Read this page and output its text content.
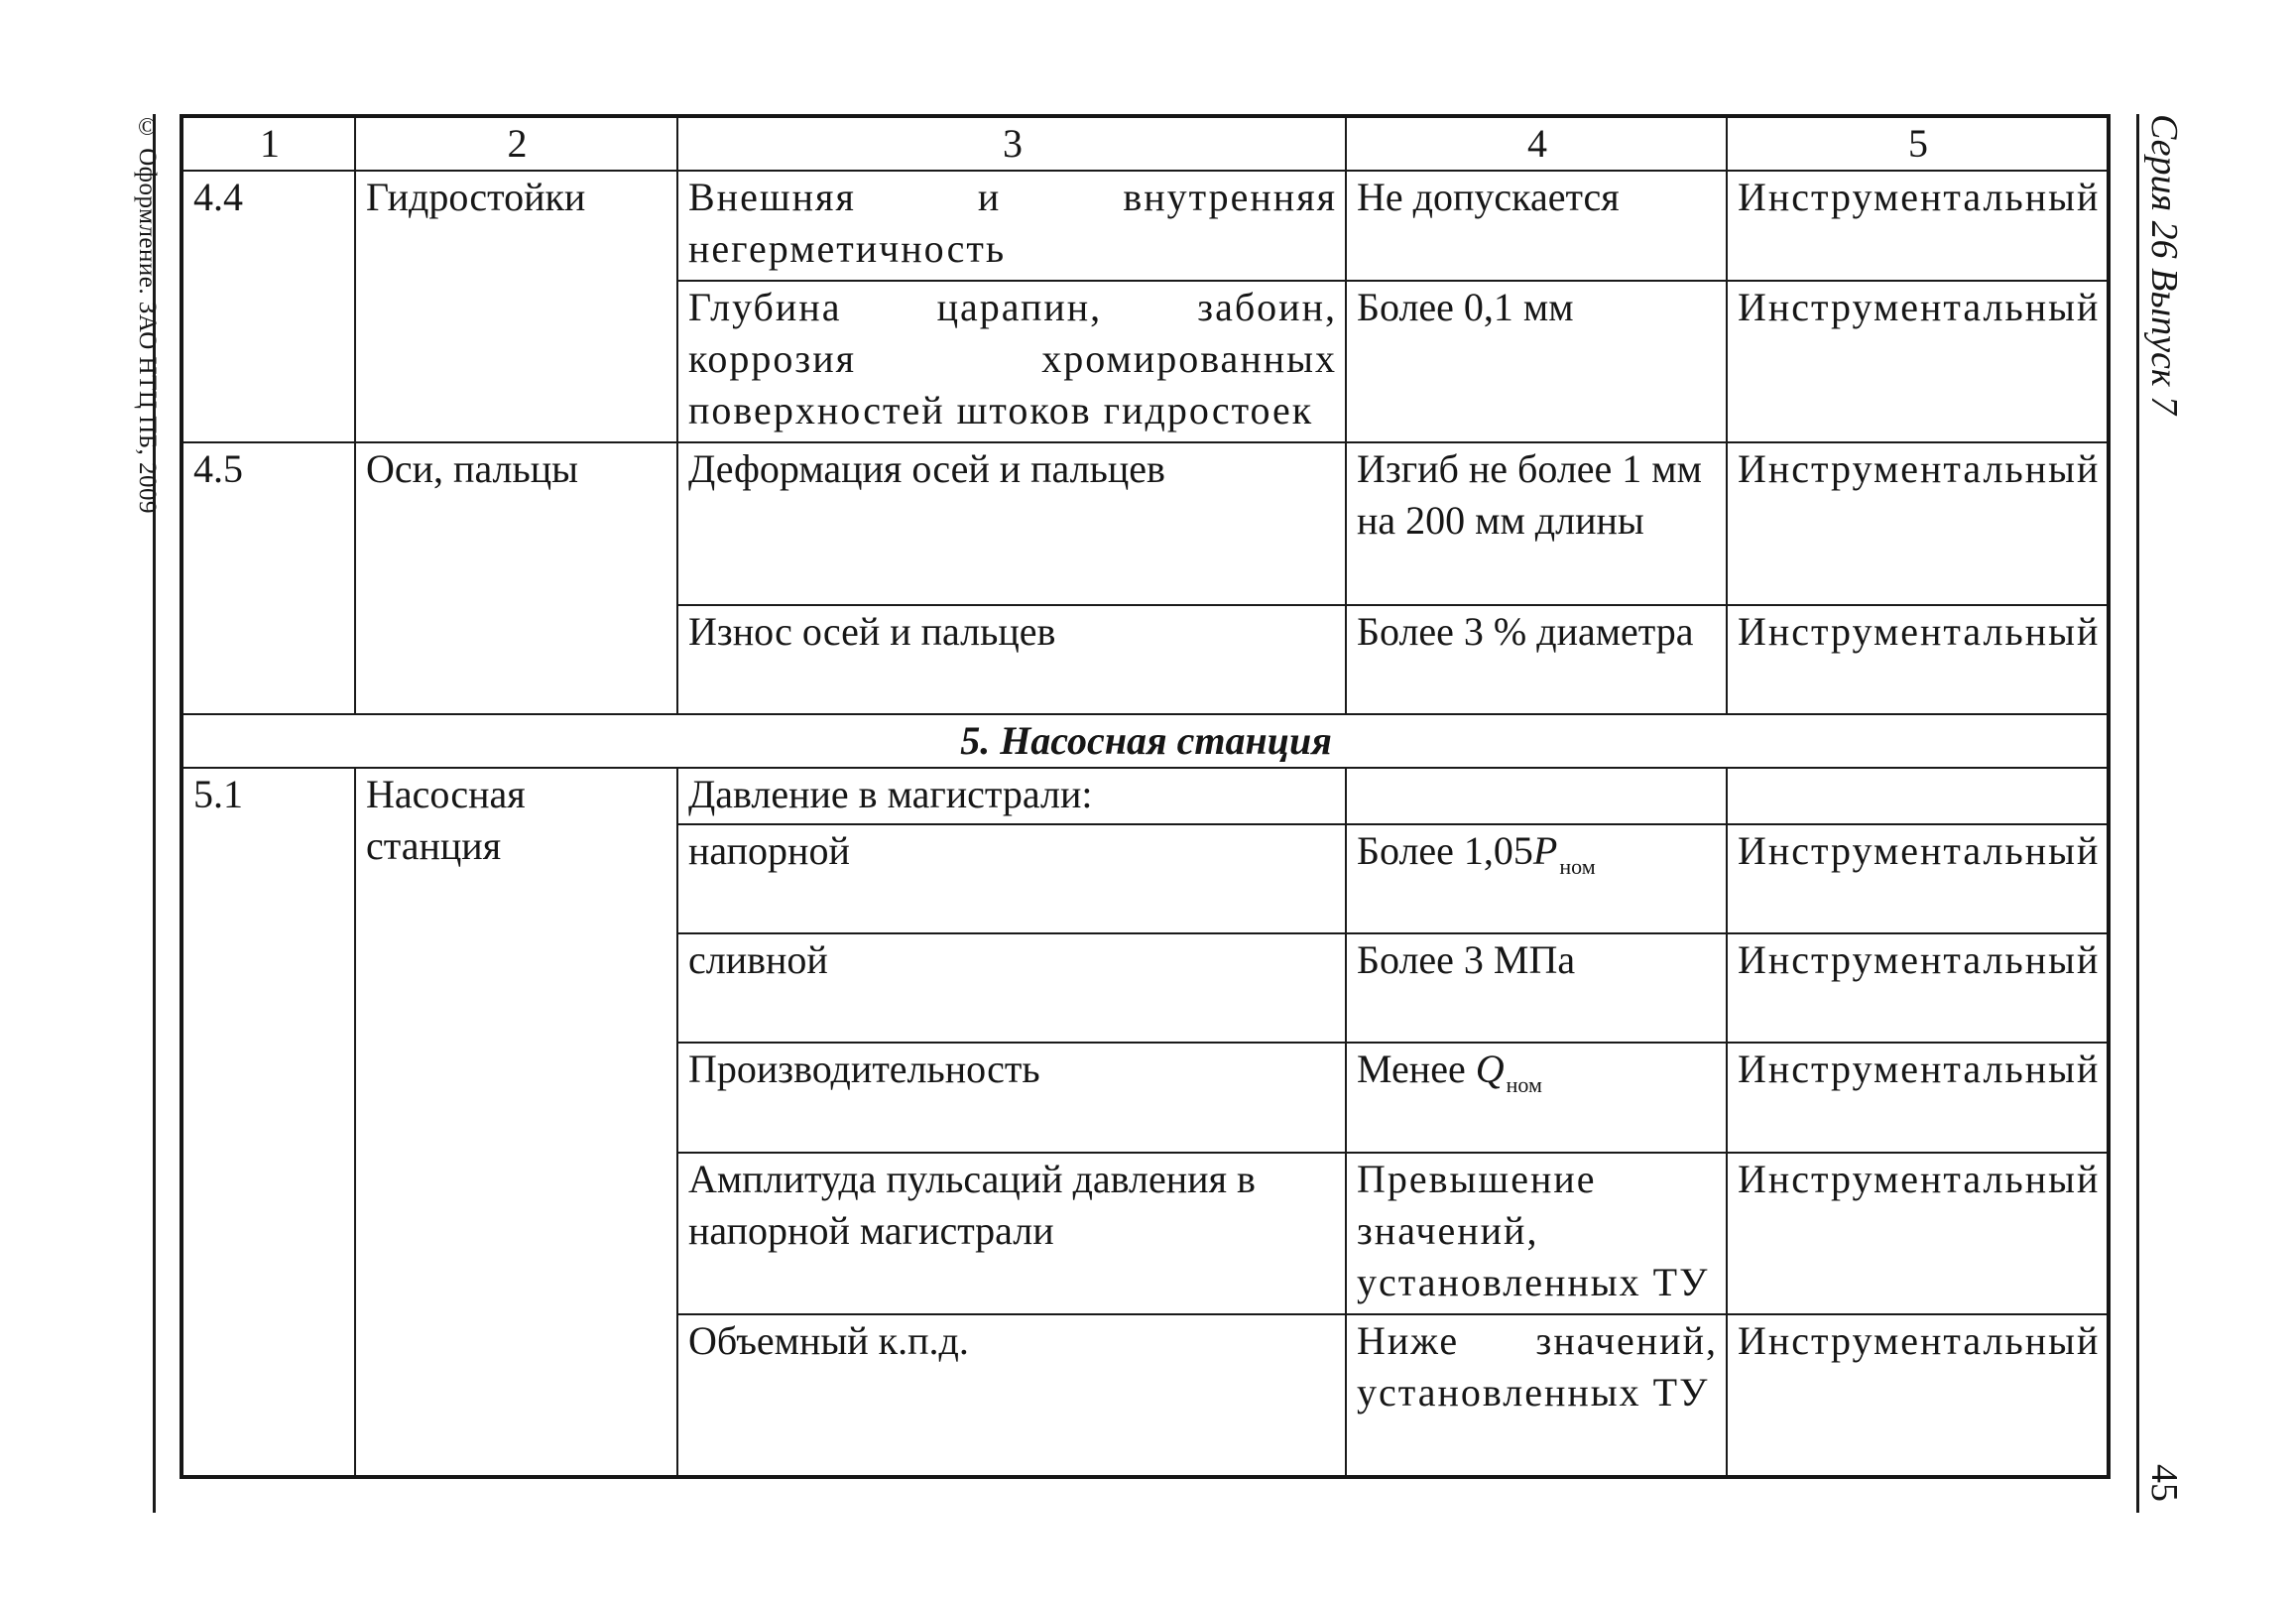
© Оформление. ЗАО НТЦ ПБ, 2009	Серия 26 Выпуск 7
45
1	2	3	4	5
4.4	Гидростойки	Внешняя и внутренняя негерметичность	Не допускается	Инструментальный
		Глубина царапин, забоин, коррозия хромированных поверхностей штоков гидростоек	Более 0,1 мм	Инструментальный
4.5	Оси, пальцы	Деформация осей и пальцев	Изгиб не более 1 мм на 200 мм длины	Инструментальный
		Износ осей и пальцев	Более 3 % диаметра	Инструментальный
5. Насосная станция				
5.1	Насосная станция	Давление в магистрали:		
		напорной	Более $1,05P_{ном}$	Инструментальный
		сливной	Более 3 МПа	Инструментальный
		Производительность	Менее $Q_{ном}$	Инструментальный
		Амплитуда пульсаций давления в напорной магистрали	Превышение значений, установленных ТУ	Инструментальный
		Объемный к.п.д.	Ниже значений, установленных ТУ	Инструментальный
